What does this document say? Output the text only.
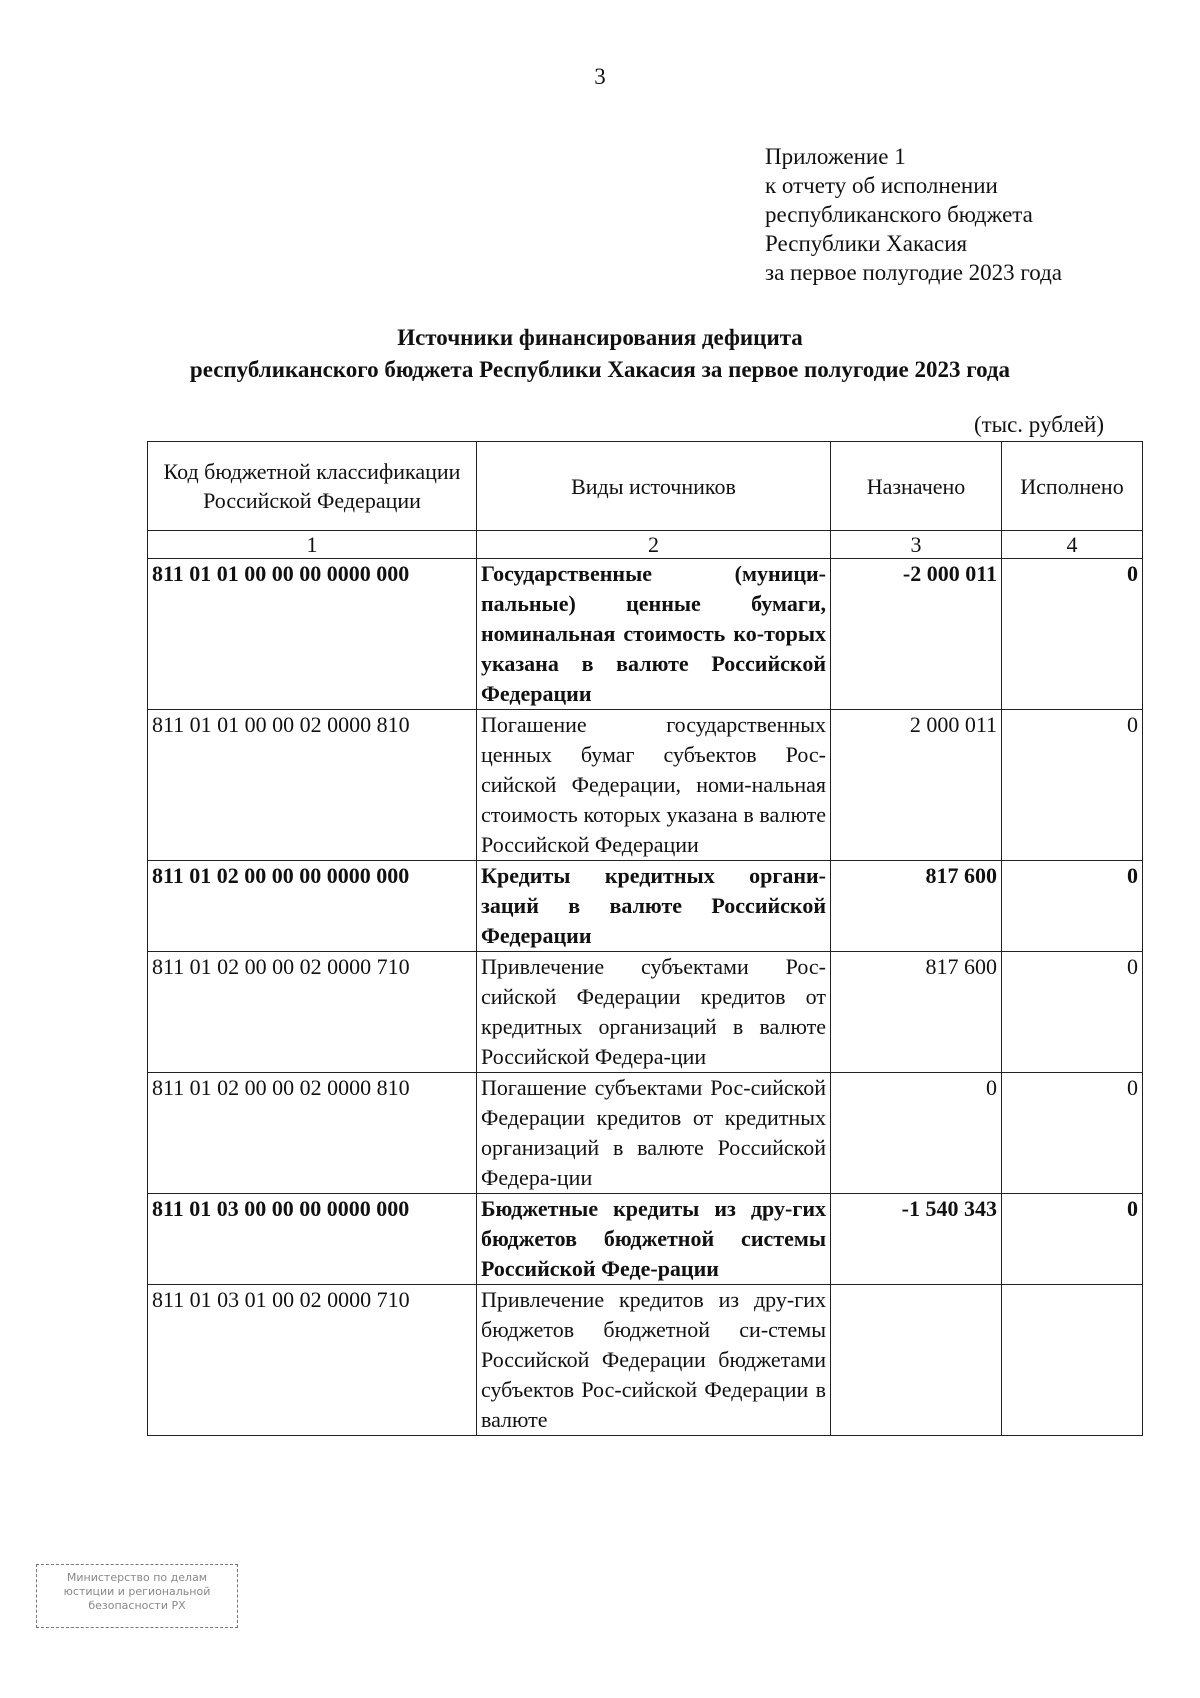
3
Приложение 1
к отчету об исполнении
республиканского бюджета
Республики Хакасия
за первое полугодие 2023 года
Источники финансирования дефицита
республиканского бюджета Республики Хакасия за первое полугодие 2023 года
(тыс. рублей)
Код бюджетной классификации Российской Федерации	Виды источников	Назначено	Исполнено
1	2	3	4
811 01 01 00 00 00 0000 000	Государственные (муници-пальные) ценные бумаги, номинальная стоимость ко-торых указана в валюте Российской Федерации	-2 000 011	0
811 01 01 00 00 02 0000 810	Погашение государственных ценных бумаг субъектов Рос-сийской Федерации, номи-нальная стоимость которых указана в валюте Российской Федерации	2 000 011	0
811 01 02 00 00 00 0000 000	Кредиты кредитных органи-заций в валюте Российской Федерации	817 600	0
811 01 02 00 00 02 0000 710	Привлечение субъектами Рос-сийской Федерации кредитов от кредитных организаций в валюте Российской Федера-ции	817 600	0
811 01 02 00 00 02 0000 810	Погашение субъектами Рос-сийской Федерации кредитов от кредитных организаций в валюте Российской Федера-ции	0	0
811 01 03 00 00 00 0000 000	Бюджетные кредиты из дру-гих бюджетов бюджетной системы Российской Феде-рации	-1 540 343	0
811 01 03 01 00 02 0000 710	Привлечение кредитов из дру-гих бюджетов бюджетной си-стемы Российской Федерации бюджетами субъектов Рос-сийской Федерации в валюте		
Министерство по делам
юстиции и региональной
безопасности РХ
